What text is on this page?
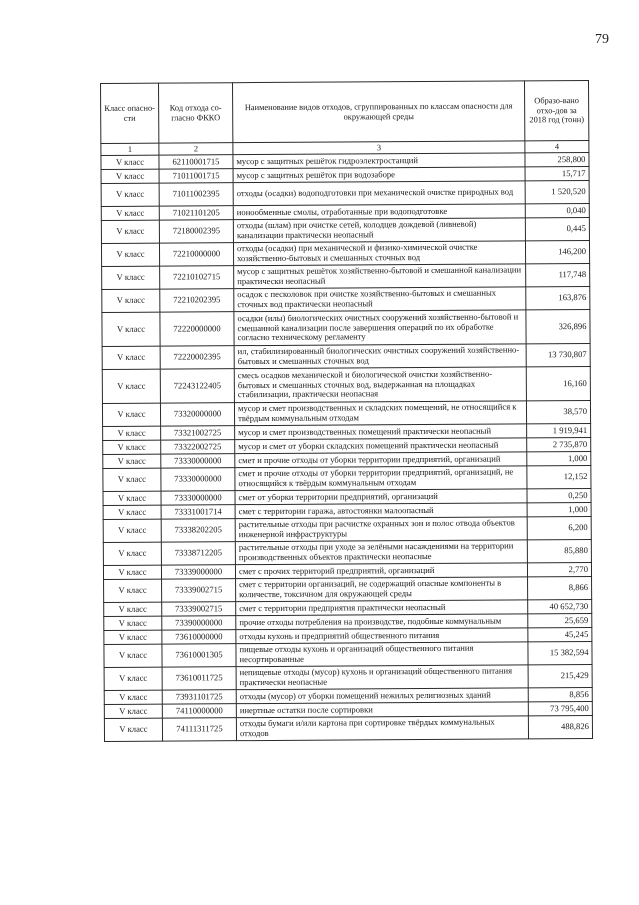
79
Класс опасно-сти	Код отхода со-гласно ФККО	Наименование видов отходов, сгруппированных по классам опасности для окружающей среды	Образо-вано отхо-дов за 2018 год (тонн)
1	2	3	4
V класс	62110001715	мусор с защитных решёток гидроэлектростанций	258,800
V класс	71011001715	мусор с защитных решёток при водозаборе	15,717
V класс	71011002395	отходы (осадки) водоподготовки при механической очистке природных вод	1 520,520
V класс	71021101205	ионообменные смолы, отработанные при водоподготовке	0,040
V класс	72180002395	отходы (шлам) при очистке сетей, колодцев дождевой (ливневой) канализации практически неопасный	0,445
V класс	72210000000	отходы (осадки) при механической и физико-химической очистке хозяйственно-бытовых и смешанных сточных вод	146,200
V класс	72210102715	мусор с защитных решёток хозяйственно-бытовой и смешанной канализации практически неопасный	117,748
V класс	72210202395	осадок с песколовок при очистке хозяйственно-бытовых и смешанных сточных вод практически неопасный	163,876
V класс	72220000000	осадки (илы) биологических очистных сооружений хозяйственно-бытовой и смешанной канализации после завершения операций по их обработке согласно техническому регламенту	326,896
V класс	72220002395	ил, стабилизированный биологических очистных сооружений хозяйственно-бытовых и смешанных сточных вод	13 730,807
V класс	72243122405	смесь осадков механической и биологической очистки хозяйственно-бытовых и смешанных сточных вод, выдержанная на площадках стабилизации, практически неопасная	16,160
V класс	73320000000	мусор и смет производственных и складских помещений, не относящийся к твёрдым коммунальным отходам	38,570
V класс	73321002725	мусор и смет производственных помещений практически неопасный	1 919,941
V класс	73322002725	мусор и смет от уборки складских помещений практически неопасный	2 735,870
V класс	73330000000	смет и прочие отходы от уборки территории предприятий, организаций	1,000
V класс	73330000000	смет и прочие отходы от уборки территории предприятий, организаций, не относящийся к твёрдым коммунальным отходам	12,152
V класс	73330000000	смет от уборки территории предприятий, организаций	0,250
V класс	73331001714	смет с территории гаража, автостоянки малоопасный	1,000
V класс	73338202205	растительные отходы при расчистке охранных зон и полос отвода объектов инженерной инфраструктуры	6,200
V класс	73338712205	растительные отходы при уходе за зелёными насаждениями на территории производственных объектов практически неопасные	85,880
V класс	73339000000	смет с прочих территорий предприятий, организаций	2,770
V класс	73339002715	смет с территории организаций, не содержащий опасные компоненты в количестве, токсичном для окружающей среды	8,866
V класс	73339002715	смет с территории предприятия практически неопасный	40 652,730
V класс	73390000000	прочие отходы потребления на производстве, подобные коммунальным	25,659
V класс	73610000000	отходы кухонь и предприятий общественного питания	45,245
V класс	73610001305	пищевые отходы кухонь и организаций общественного питания несортированные	15 382,594
V класс	73610011725	непищевые отходы (мусор) кухонь и организаций общественного питания практически неопасные	215,429
V класс	73931101725	отходы (мусор) от уборки помещений нежилых религиозных зданий	8,856
V класс	74110000000	инертные остатки после сортировки	73 795,400
V класс	74111311725	отходы бумаги и/или картона при сортировке твёрдых коммунальных отходов	488,826
